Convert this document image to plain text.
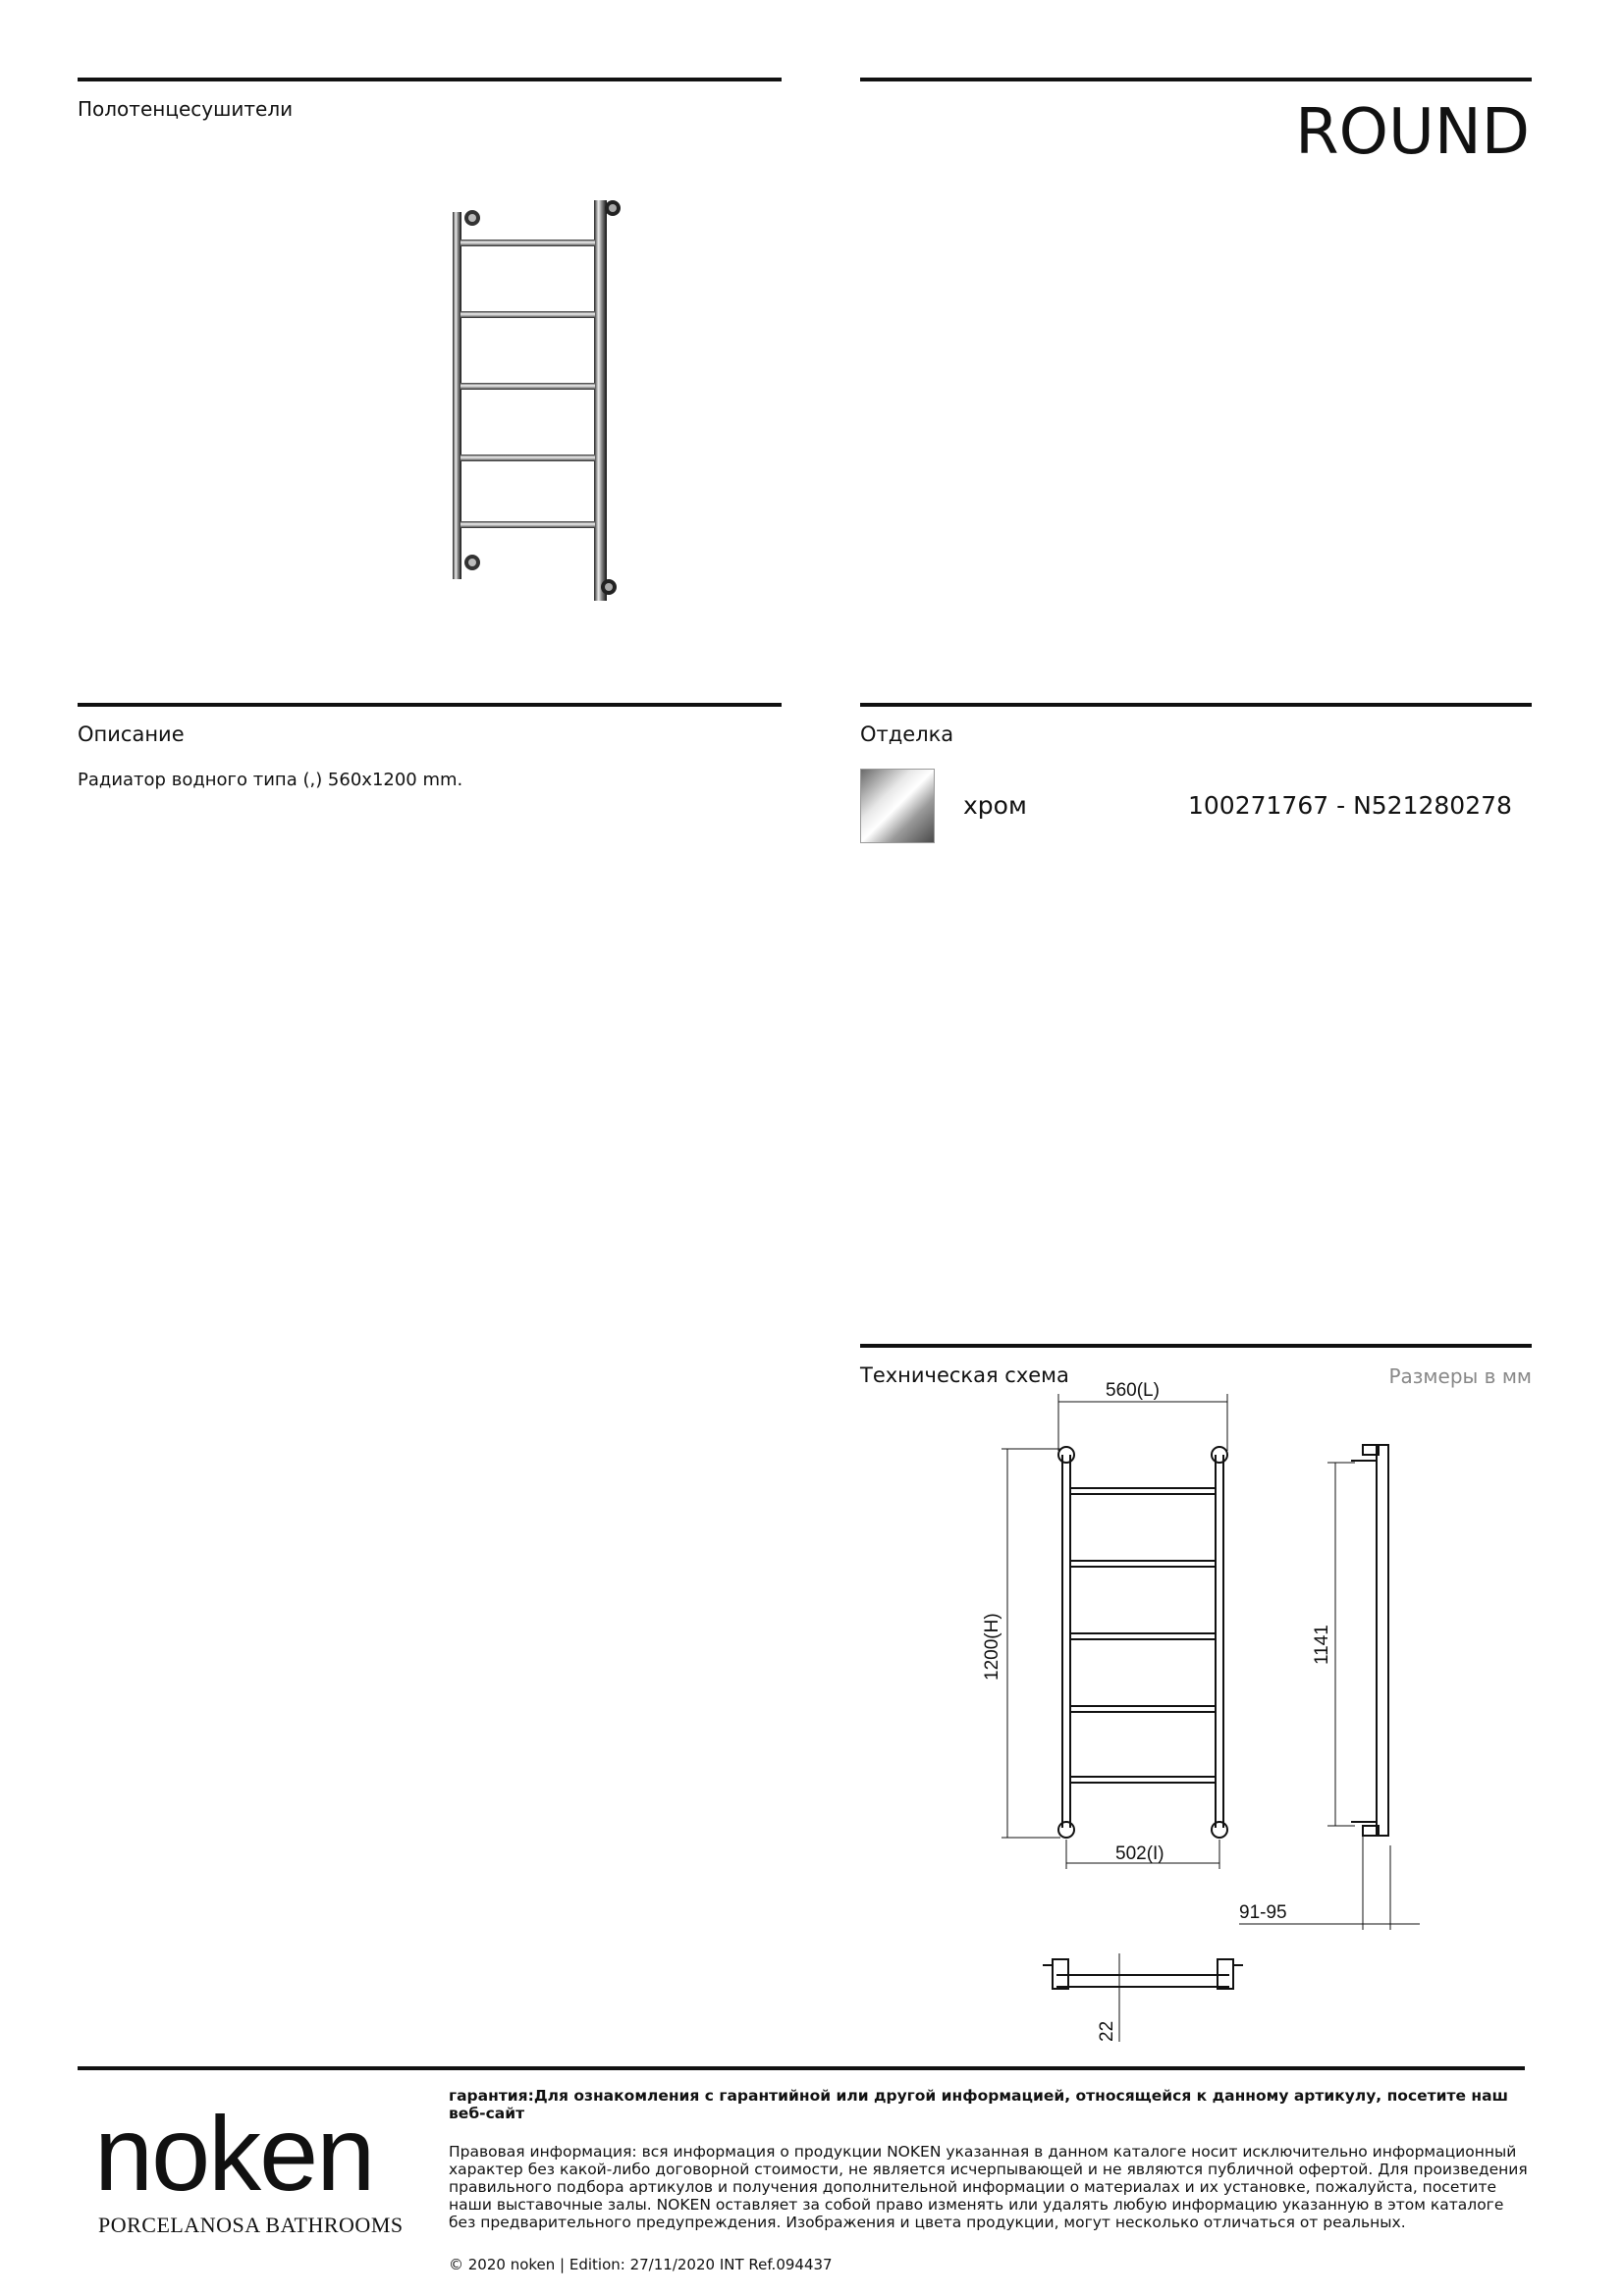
Полотенцесушители	ROUND
Описание
Радиатор водного типа (,) 560x1200 mm.
Отделка
хром	100271767 - N521280278
Техническая схема	Размеры в мм
560(L)
1200(H)
502(I)
1141
91-95
22
noken
PORCELANOSA BATHROOMS
гарантия:Для ознакомления с гарантийной или другой информацией, относящейся к данному артикулу, посетите наш веб-сайт
Правовая информация: вся информация о продукции NOKEN указанная в данном каталоге носит исключительно информационный характер без какой-либо договорной стоимости, не является исчерпывающей и не являются публичной офертой. Для произведения правильного подбора артикулов и получения дополнительной информации о материалах и их установке, пожалуйста, посетите наши выставочные залы. NOKEN оставляет за собой право изменять или удалять любую информацию указанную в этом каталоге без предварительного предупреждения. Изображения и цвета продукции, могут несколько отличаться от реальных.
© 2020 noken | Edition: 27/11/2020 INT Ref.094437
